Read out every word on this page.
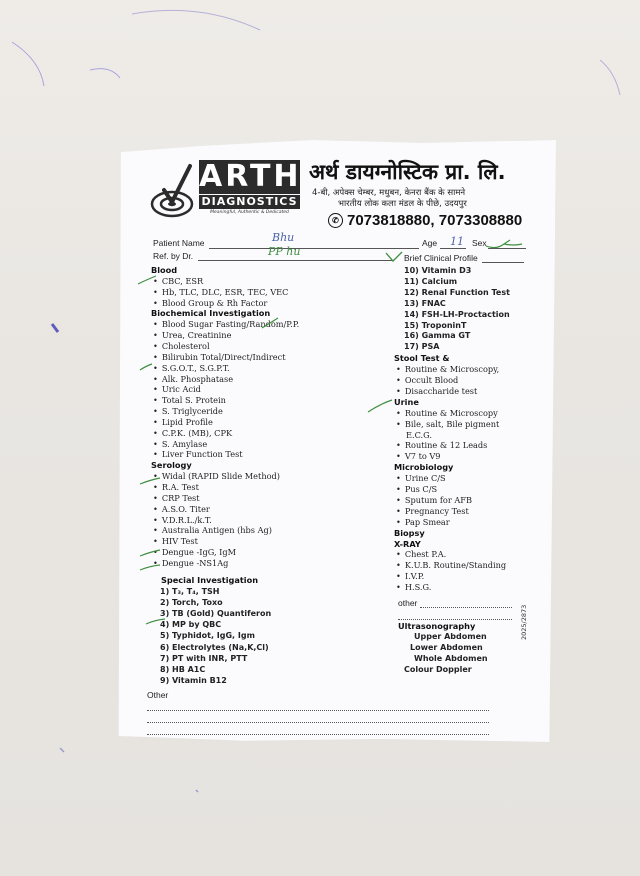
ARTH
DIAGNOSTICS
Meaningful, Authentic & Dedicated
अर्थ डायग्नोस्टिक प्रा. लि.
4-बी, अपेक्स चेम्बर, मधुबन, केनरा बैंक के सामने
भारतीय लोक कला मंडल के पीछे, उदयपुर
✆ 7073818880, 7073308880
Patient Name	Bhu	Age 11 Sex
Ref. by Dr.	PP hu	Brief Clinical Profile
Blood
• CBC, ESR
• Hb, TLC, DLC, ESR, TEC, VEC
• Blood Group & Rh Factor
Biochemical Investigation
• Blood Sugar Fasting/Random/P.P.
• Urea, Creatinine
• Cholesterol
• Bilirubin Total/Direct/Indirect
• S.G.O.T., S.G.P.T.
• Alk. Phosphatase
• Uric Acid
• Total S. Protein
• S. Triglyceride
• Lipid Profile
• C.P.K. (MB), CPK
• S. Amylase
• Liver Function Test
Serology
• Widal (RAPID Slide Method)
• R.A. Test
• CRP Test
• A.S.O. Titer
• V.D.R.L./k.T.
• Australia Antigen (hbs Ag)
• HIV Test
• Dengue -IgG, IgM
• Dengue -NS1Ag
Special Investigation
1) T₃, T₄, TSH
2) Torch, Toxo
3) TB (Gold) Quantiferon
4) MP by QBC
5) Typhidot, IgG, Igm
6) Electrolytes (Na,K,Cl)
7) PT with INR, PTT
8) HB A1C
9) Vitamin B12
10) Vitamin D3
11) Calcium
12) Renal Function Test
13) FNAC
14) FSH-LH-Proctaction
15) TroponinT
16) Gamma GT
17) PSA
Stool Test &
• Routine & Microscopy,
• Occult Blood
• Disaccharide test
Urine
• Routine & Microscopy
• Bile, salt, Bile pigment
E.C.G.
• Routine & 12 Leads
• V7 to V9
Microbiology
• Urine C/S
• Pus C/S
• Sputum for AFB
• Pregnancy Test
• Pap Smear
Biopsy
X-RAY
• Chest P.A.
• K.U.B. Routine/Standing
• I.V.P.
• H.S.G.
Ultrasonography
Upper Abdomen
Lower Abdomen
Whole Abdomen
Colour Doppler
other
Other
2025/2873
